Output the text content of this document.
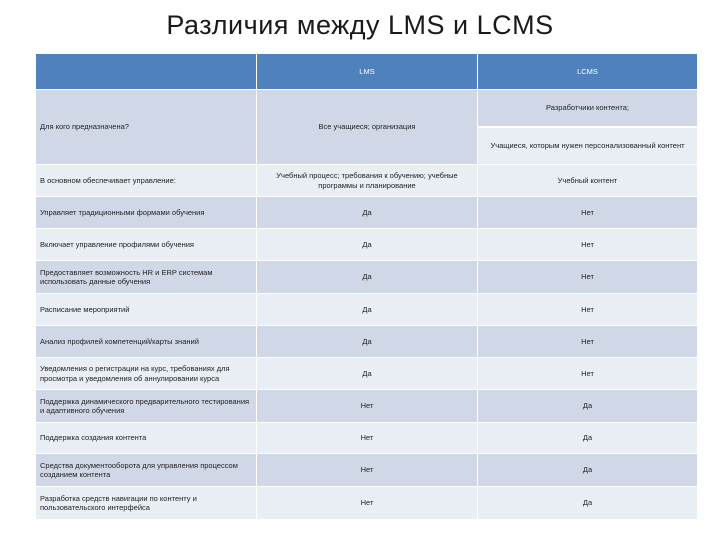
Различия между LMS и LCMS
	LMS	LCMS
Для кого предназначена?	Все учащиеся; организация	Разработчики контента;
Учащиеся, которым нужен персонализованный контент

В основном обеспечивает управление:	Учебный процесс; требования к обучению; учебные программы и планирование	Учебный контент
Управляет традиционными формами обучения	Да	Нет
Включает управление профилями обучения	Да	Нет
Предоставляет возможность HR и ERP системам использовать данные обучения	Да	Нет
Расписание мероприятий	Да	Нет
Анализ профилей компетенций/карты знаний	Да	Нет
Уведомления о регистрации на курс, требованиях для просмотра и уведомления об аннулировании курса	Да	Нет
Поддержка динамического предварительного тестирования и адаптивного обучения	Нет	Да
Поддержка создания контента	Нет	Да
Средства документооборота для управления процессом созданием контента	Нет	Да
Разработка средств навигации по контенту и пользовательского интерфейса	Нет	Да
